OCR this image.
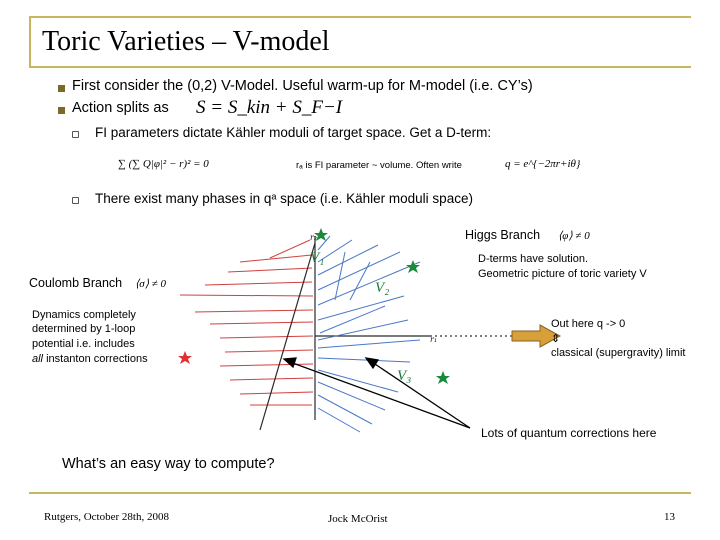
Toric Varieties – V-model
First consider the (0,2) V-Model. Useful warm-up for M-model (i.e. CY’s)
Action splits as S = S_kin + S_F−I
FI parameters dictate Kähler moduli of target space. Get a D-term:
∑ (∑ Q|φ|² − r)² = 0	rₐ is FI parameter ~ volume. Often write	q = e^{−2πr+iθ}
There exist many phases in qᵃ space (i.e. Kähler moduli space)
r₂
r₁
V₁
V₂
V₃
Higgs Branch ⟨φ⟩ ≠ 0
D-terms have solution.
Geometric picture of toric variety V
Coulomb Branch ⟨σ⟩ ≠ 0
Dynamics completely
determined by 1-loop
potential i.e. includes
all instanton corrections
Out here q -> 0
⇕
classical (supergravity) limit
Lots of quantum corrections here
What’s an easy way to compute?
Rutgers, October 28th, 2008	Jock McOrist	13
